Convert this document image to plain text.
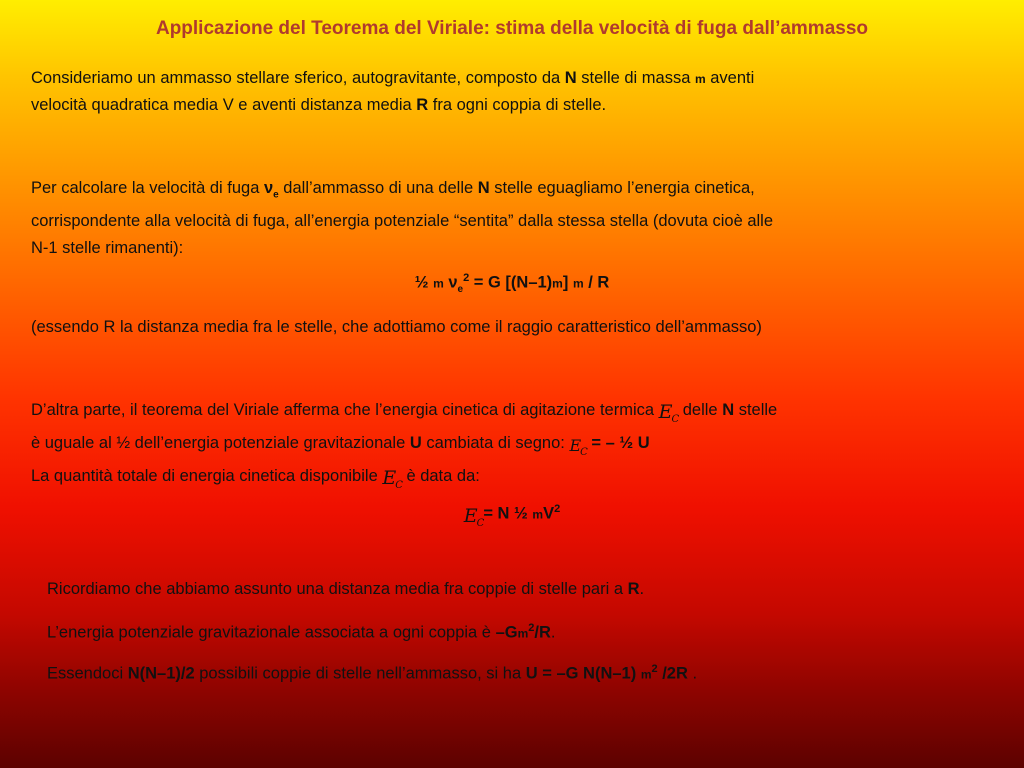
Applicazione del Teorema del Viriale: stima della velocità di fuga dall’ammasso
Consideriamo un ammasso stellare sferico, autogravitante, composto da N stelle di massa m aventi
velocità quadratica media V e aventi distanza media R fra ogni coppia di stelle.
Per calcolare la velocità di fuga $\nu_e$ dall’ammasso di una delle N stelle eguagliamo l’energia cinetica,
corrispondente alla velocità di fuga, all’energia potenziale “sentita” dalla stessa stella (dovuta cioè alle
N-1 stelle rimanenti):
½ m $\nu_e^2 = G$ [(N–1)m] m / R
(essendo R la distanza media fra le stelle, che adottiamo come il raggio caratteristico dell’ammasso)
D’altra parte, il teorema del Viriale afferma che l’energia cinetica di agitazione termica $E_C$ delle N stelle
è uguale al ½ dell’energia potenziale gravitazionale U cambiata di segno: $E_C$ = – ½ U
La quantità totale di energia cinetica disponibile $E_C$ è data da:
$E_C= N$ ½ $mV^2$
Ricordiamo che abbiamo assunto una distanza media fra coppie di stelle pari a R.
L’energia potenziale gravitazionale associata a ogni coppia è –Gm$^2$/R.
Essendoci N(N–1)/2 possibili coppie di stelle nell’ammasso, si ha U = –G N(N–1) $m^2$ /2R .
